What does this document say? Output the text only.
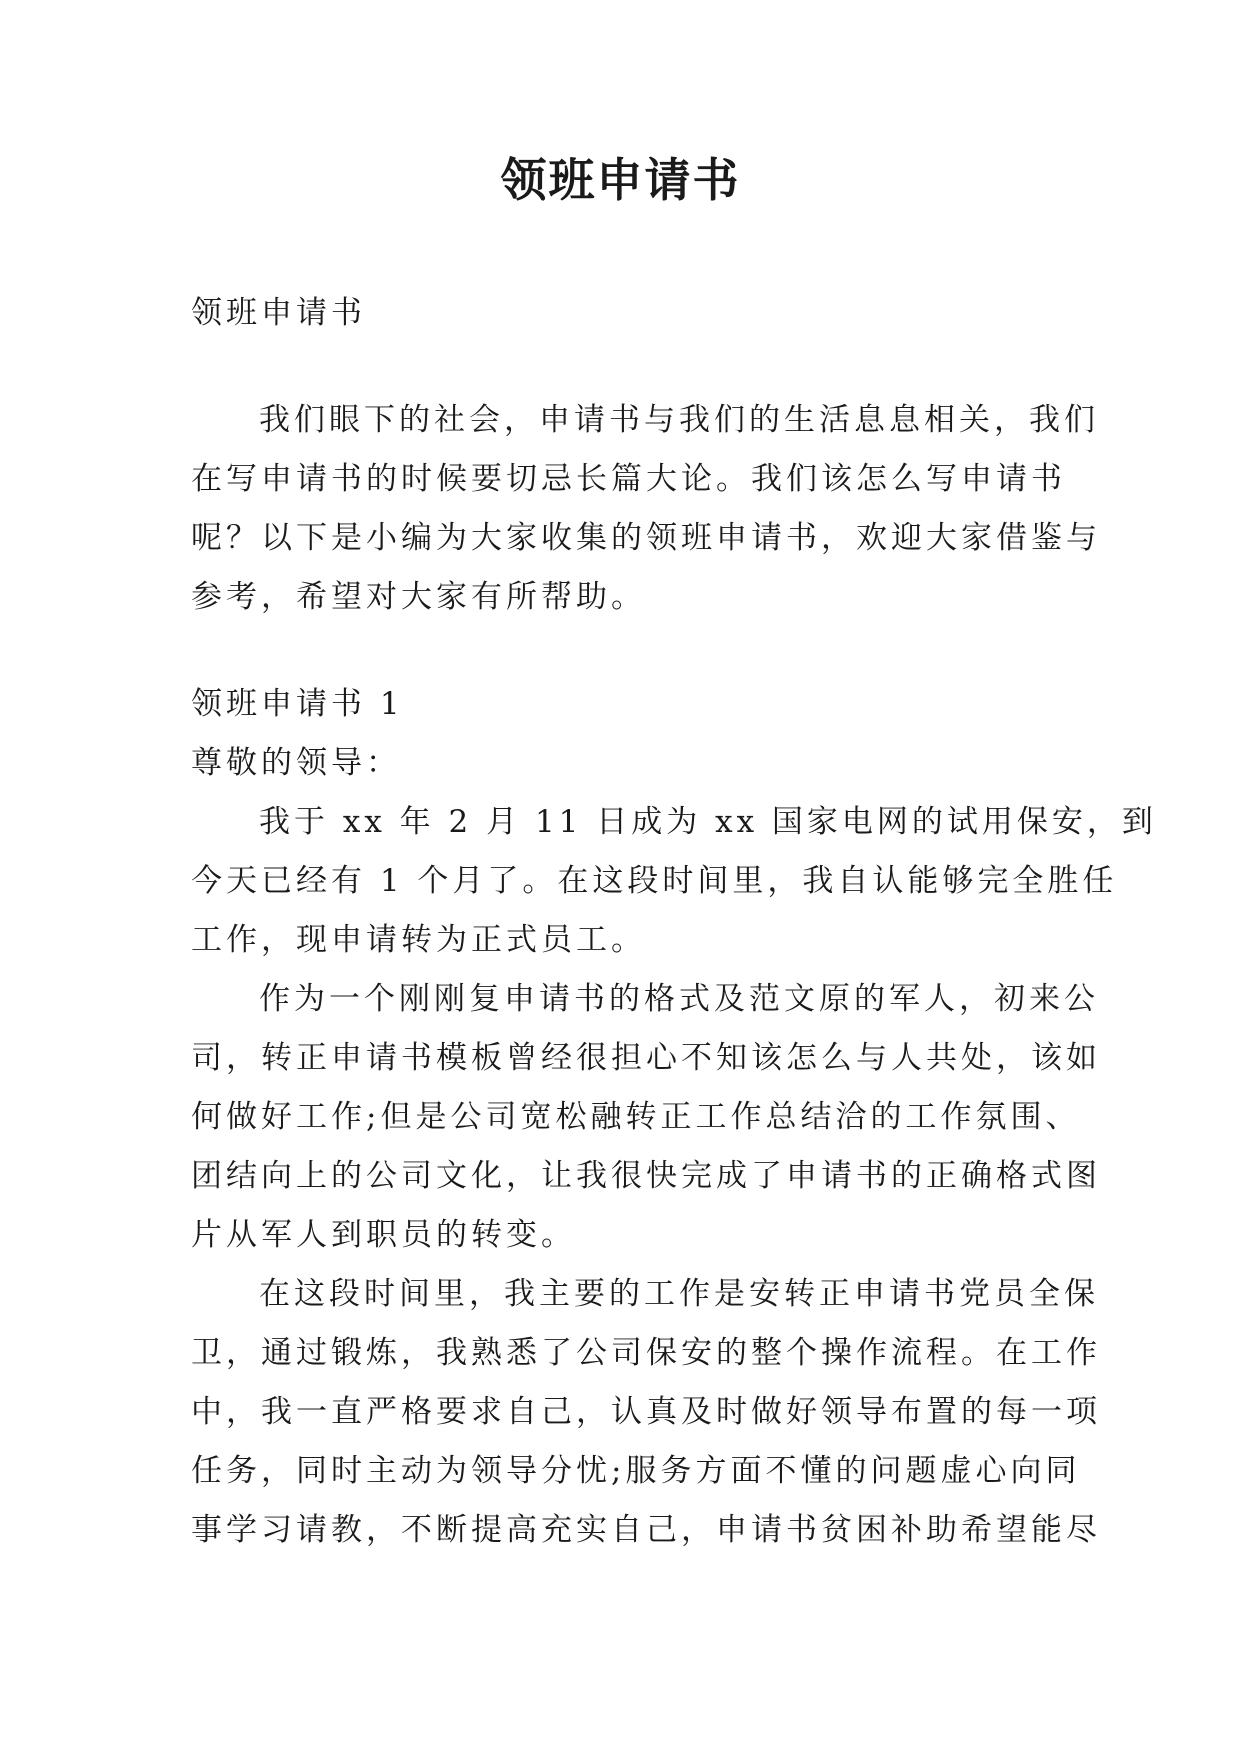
领班申请书
领班申请书
我们眼下的社会，申请书与我们的生活息息相关，我们
在写申请书的时候要切忌长篇大论。我们该怎么写申请书
呢？以下是小编为大家收集的领班申请书，欢迎大家借鉴与
参考，希望对大家有所帮助。
领班申请书 1
尊敬的领导：
我于 xx 年 2 月 11 日成为 xx 国家电网的试用保安，到
今天已经有 1 个月了。在这段时间里，我自认能够完全胜任
工作，现申请转为正式员工。
作为一个刚刚复申请书的格式及范文原的军人，初来公
司，转正申请书模板曾经很担心不知该怎么与人共处，该如
何做好工作;但是公司宽松融转正工作总结洽的工作氛围、
团结向上的公司文化，让我很快完成了申请书的正确格式图
片从军人到职员的转变。
在这段时间里，我主要的工作是安转正申请书党员全保
卫，通过锻炼，我熟悉了公司保安的整个操作流程。在工作
中，我一直严格要求自己，认真及时做好领导布置的每一项
任务，同时主动为领导分忧;服务方面不懂的问题虚心向同
事学习请教，不断提高充实自己，申请书贫困补助希望能尽
